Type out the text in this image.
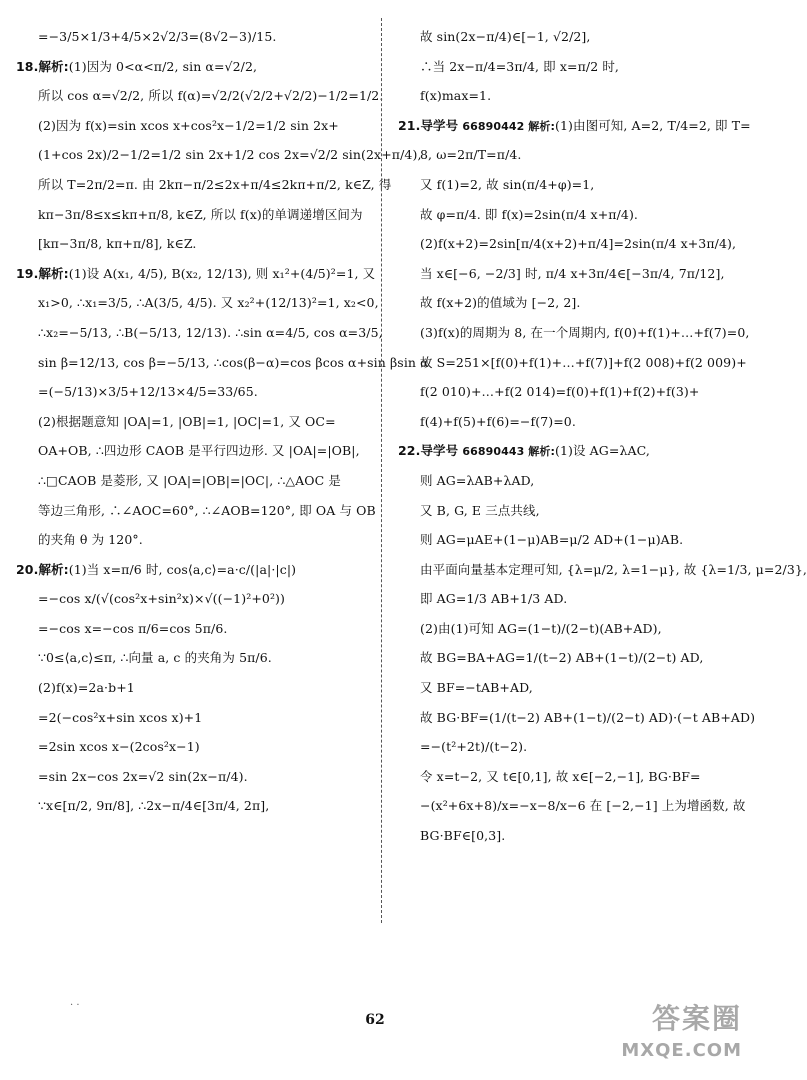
=−3/5×1/3+4/5×2√2/3=(8√2−3)/15.
18.解析:(1)因为 0<α<π/2, sin α=√2/2,
所以 cos α=√2/2, 所以 f(α)=√2/2(√2/2+√2/2)−1/2=1/2.
(2)因为 f(x)=sin xcos x+cos²x−1/2=1/2 sin 2x+
(1+cos 2x)/2−1/2=1/2 sin 2x+1/2 cos 2x=√2/2 sin(2x+π/4),
所以 T=2π/2=π. 由 2kπ−π/2≤2x+π/4≤2kπ+π/2, k∈Z, 得
kπ−3π/8≤x≤kπ+π/8, k∈Z, 所以 f(x)的单调递增区间为
[kπ−3π/8, kπ+π/8], k∈Z.
19.解析:(1)设 A(x₁, 4/5), B(x₂, 12/13), 则 x₁²+(4/5)²=1, 又
x₁>0, ∴x₁=3/5, ∴A(3/5, 4/5). 又 x₂²+(12/13)²=1, x₂<0,
∴x₂=−5/13, ∴B(−5/13, 12/13). ∴sin α=4/5, cos α=3/5,
sin β=12/13, cos β=−5/13, ∴cos(β−α)=cos βcos α+sin βsin α
=(−5/13)×3/5+12/13×4/5=33/65.
(2)根据题意知 |OA|=1, |OB|=1, |OC|=1, 又 OC=
OA+OB, ∴四边形 CAOB 是平行四边形. 又 |OA|=|OB|,
∴□CAOB 是菱形, 又 |OA|=|OB|=|OC|, ∴△AOC 是
等边三角形, ∴∠AOC=60°, ∴∠AOB=120°, 即 OA 与 OB
的夹角 θ 为 120°.
20.解析:(1)当 x=π/6 时, cos⟨a,c⟩=a·c/(|a|·|c|)
=−cos x/(√(cos²x+sin²x)×√((−1)²+0²))
=−cos x=−cos π/6=cos 5π/6.
∵0≤⟨a,c⟩≤π, ∴向量 a, c 的夹角为 5π/6.
(2)f(x)=2a·b+1
=2(−cos²x+sin xcos x)+1
=2sin xcos x−(2cos²x−1)
=sin 2x−cos 2x=√2 sin(2x−π/4).
∵x∈[π/2, 9π/8], ∴2x−π/4∈[3π/4, 2π],
故 sin(2x−π/4)∈[−1, √2/2],
∴当 2x−π/4=3π/4, 即 x=π/2 时,
f(x)max=1.
21.导学号 66890442 解析:(1)由图可知, A=2, T/4=2, 即 T=
8, ω=2π/T=π/4.
又 f(1)=2, 故 sin(π/4+φ)=1,
故 φ=π/4. 即 f(x)=2sin(π/4 x+π/4).
(2)f(x+2)=2sin[π/4(x+2)+π/4]=2sin(π/4 x+3π/4),
当 x∈[−6, −2/3] 时, π/4 x+3π/4∈[−3π/4, 7π/12],
故 f(x+2)的值域为 [−2, 2].
(3)f(x)的周期为 8, 在一个周期内, f(0)+f(1)+…+f(7)=0,
故 S=251×[f(0)+f(1)+…+f(7)]+f(2 008)+f(2 009)+
f(2 010)+…+f(2 014)=f(0)+f(1)+f(2)+f(3)+
f(4)+f(5)+f(6)=−f(7)=0.
22.导学号 66890443 解析:(1)设 AG=λAC,
则 AG=λAB+λAD,
又 B, G, E 三点共线,
则 AG=μAE+(1−μ)AB=μ/2 AD+(1−μ)AB.
由平面向量基本定理可知, {λ=μ/2, λ=1−μ}, 故 {λ=1/3, μ=2/3},
即 AG=1/3 AB+1/3 AD.
(2)由(1)可知 AG=(1−t)/(2−t)(AB+AD),
故 BG=BA+AG=1/(t−2) AB+(1−t)/(2−t) AD,
又 BF=−tAB+AD,
故 BG·BF=(1/(t−2) AB+(1−t)/(2−t) AD)·(−t AB+AD)
=−(t²+2t)/(t−2).
令 x=t−2, 又 t∈[0,1], 故 x∈[−2,−1], BG·BF=
−(x²+6x+8)/x=−x−8/x−6 在 [−2,−1] 上为增函数, 故
BG·BF∈[0,3].
· ·
62	答案圈
MXQE.COM
